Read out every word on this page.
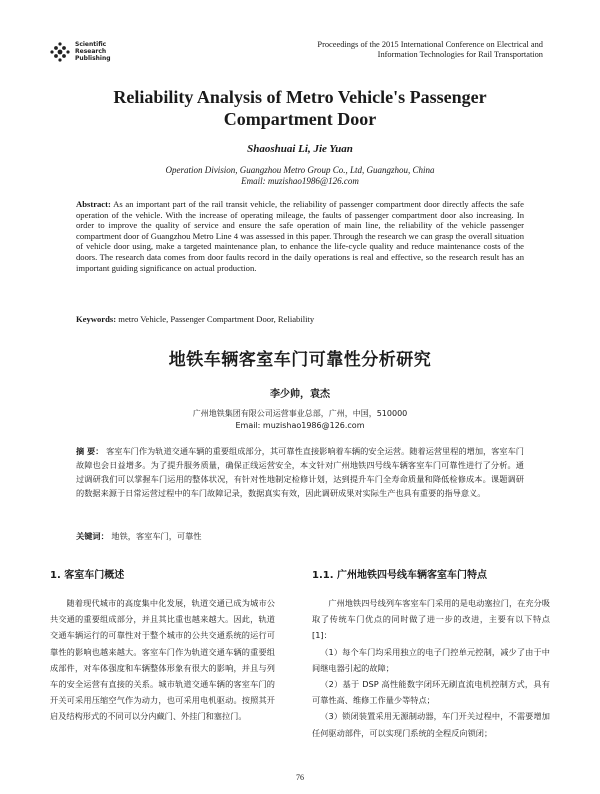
Scientific
Research
Publishing
Proceedings of the 2015 International Conference on Electrical and
Information Technologies for Rail Transportation
Reliability Analysis of Metro Vehicle's Passenger
Compartment Door
Shaoshuai Li, Jie Yuan
Operation Division, Guangzhou Metro Group Co., Ltd, Guangzhou, China
Email: muzishao1986@126.com
Abstract: As an important part of the rail transit vehicle, the reliability of passenger compartment door directly affects the safe operation of the vehicle. With the increase of operating mileage, the faults of passenger compartment door also increasing. In order to improve the quality of service and ensure the safe operation of main line, the reliability of the vehicle passenger compartment door of Guangzhou Metro Line 4 was assessed in this paper. Through the research we can grasp the overall situation of vehicle door using, make a targeted maintenance plan, to enhance the life-cycle quality and reduce maintenance costs of the doors. The research data comes from door faults record in the daily operations is real and effective, so the research result has an important guiding significance on actual production.
Keywords: metro Vehicle, Passenger Compartment Door, Reliability
地铁车辆客室车门可靠性分析研究
李少帅，袁杰
广州地铁集团有限公司运营事业总部，广州，中国，510000
Email: muzishao1986@126.com
摘 要： 客室车门作为轨道交通车辆的重要组成部分，其可靠性直接影响着车辆的安全运营。随着运营里程的增加，客室车门故障也会日益增多。为了提升服务质量，确保正线运营安全，本文针对广州地铁四号线车辆客室车门可靠性进行了分析。通过调研我们可以掌握车门运用的整体状况，有针对性地制定检修计划，达到提升车门全寿命质量和降低检修成本。课题调研的数据来源于日常运营过程中的车门故障记录，数据真实有效，因此调研成果对实际生产也具有重要的指导意义。
关键词： 地铁，客室车门，可靠性
1. 客室车门概述

随着现代城市的高度集中化发展，轨道交通已成为城市公共交通的重要组成部分，并且其比重也越来越大。因此，轨道交通车辆运行的可靠性对于整个城市的公共交通系统的运行可靠性的影响也越来越大。客室车门作为轨道交通车辆的重要组成部件，对车体强度和车辆整体形象有很大的影响，并且与列车的安全运营有直接的关系。城市轨道交通车辆的客室车门的开关可采用压缩空气作为动力，也可采用电机驱动。按照其开启及结构形式的不同可以分内藏门、外挂门和塞拉门。

1.1. 广州地铁四号线车辆客室车门特点

广州地铁四号线列车客室车门采用的是电动塞拉门，在充分吸取了传统车门优点的同时做了进一步的改进，主要有以下特点[1]：

（1）每个车门均采用独立的电子门控单元控制，减少了由于中间继电器引起的故障；

（2）基于 DSP 高性能数字闭环无刷直流电机控制方式，具有可靠性高、维修工作量少等特点；

（3）锁闭装置采用无源制动器，车门开关过程中，不需要增加任何驱动部件，可以实现门系统的全程反向锁闭；

76
